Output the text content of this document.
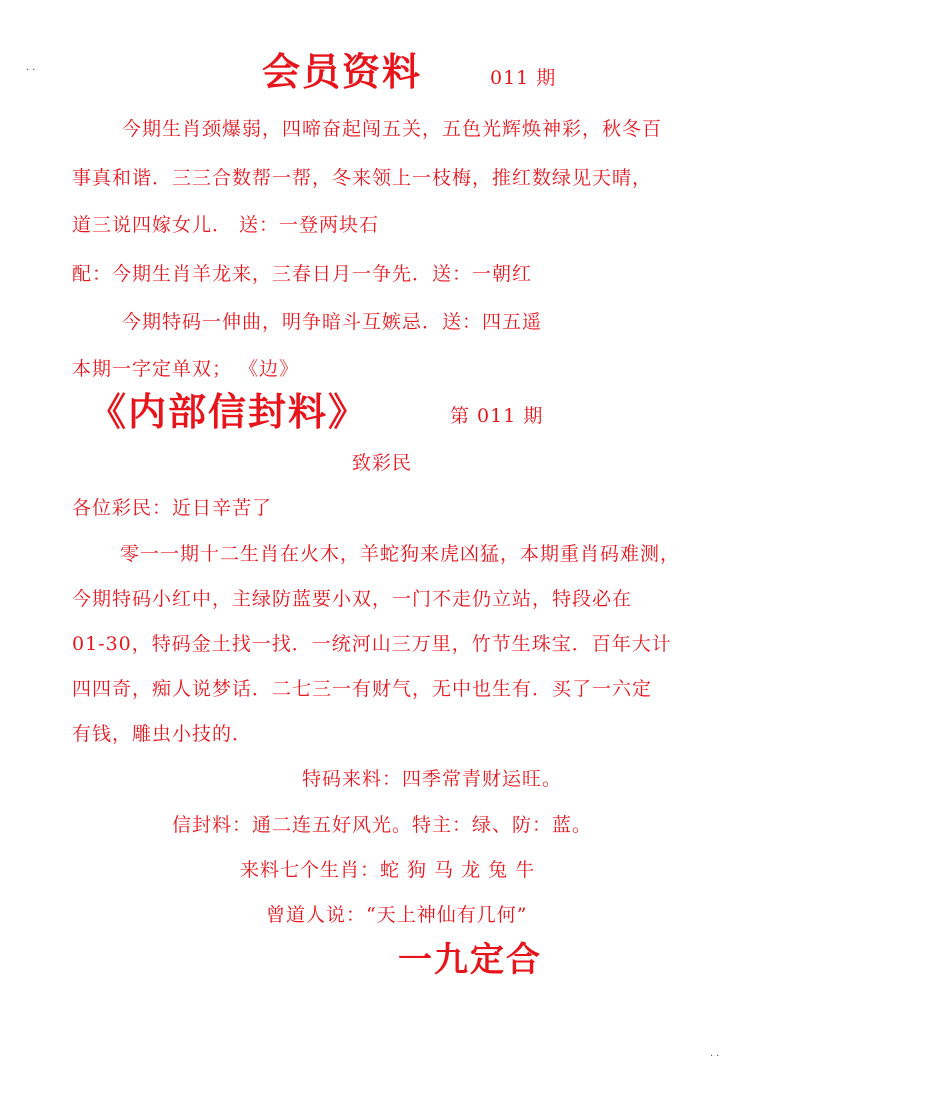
..	会员资料	011 期
今期生肖颈爆弱，四啼奋起闯五关，五色光辉焕神彩，秋冬百
事真和谐．三三合数帮一帮，冬来领上一枝梅，推红数绿见天晴，
道三说四嫁女儿． 送：一登两块石
配：今期生肖羊龙来，三春日月一争先．送：一朝红
今期特码一伸曲，明争暗斗互嫉忌．送：四五遥
本期一字定单双； 《边》
《内部信封料》	第 011 期
致彩民
各位彩民：近日辛苦了
零一一期十二生肖在火木，羊蛇狗来虎凶猛，本期重肖码难测，
今期特码小红中，主绿防蓝要小双，一门不走仍立站，特段必在
01-30，特码金土找一找．一统河山三万里，竹节生珠宝．百年大计
四四奇，痴人说梦话．二七三一有财气，无中也生有．买了一六定
有钱，雕虫小技的．
特码来料：四季常青财运旺。
信封料：通二连五好风光。特主：绿、防：蓝。
来料七个生肖：蛇 狗 马 龙 兔 牛
曾道人说：“天上神仙有几何”
一九定合
..
